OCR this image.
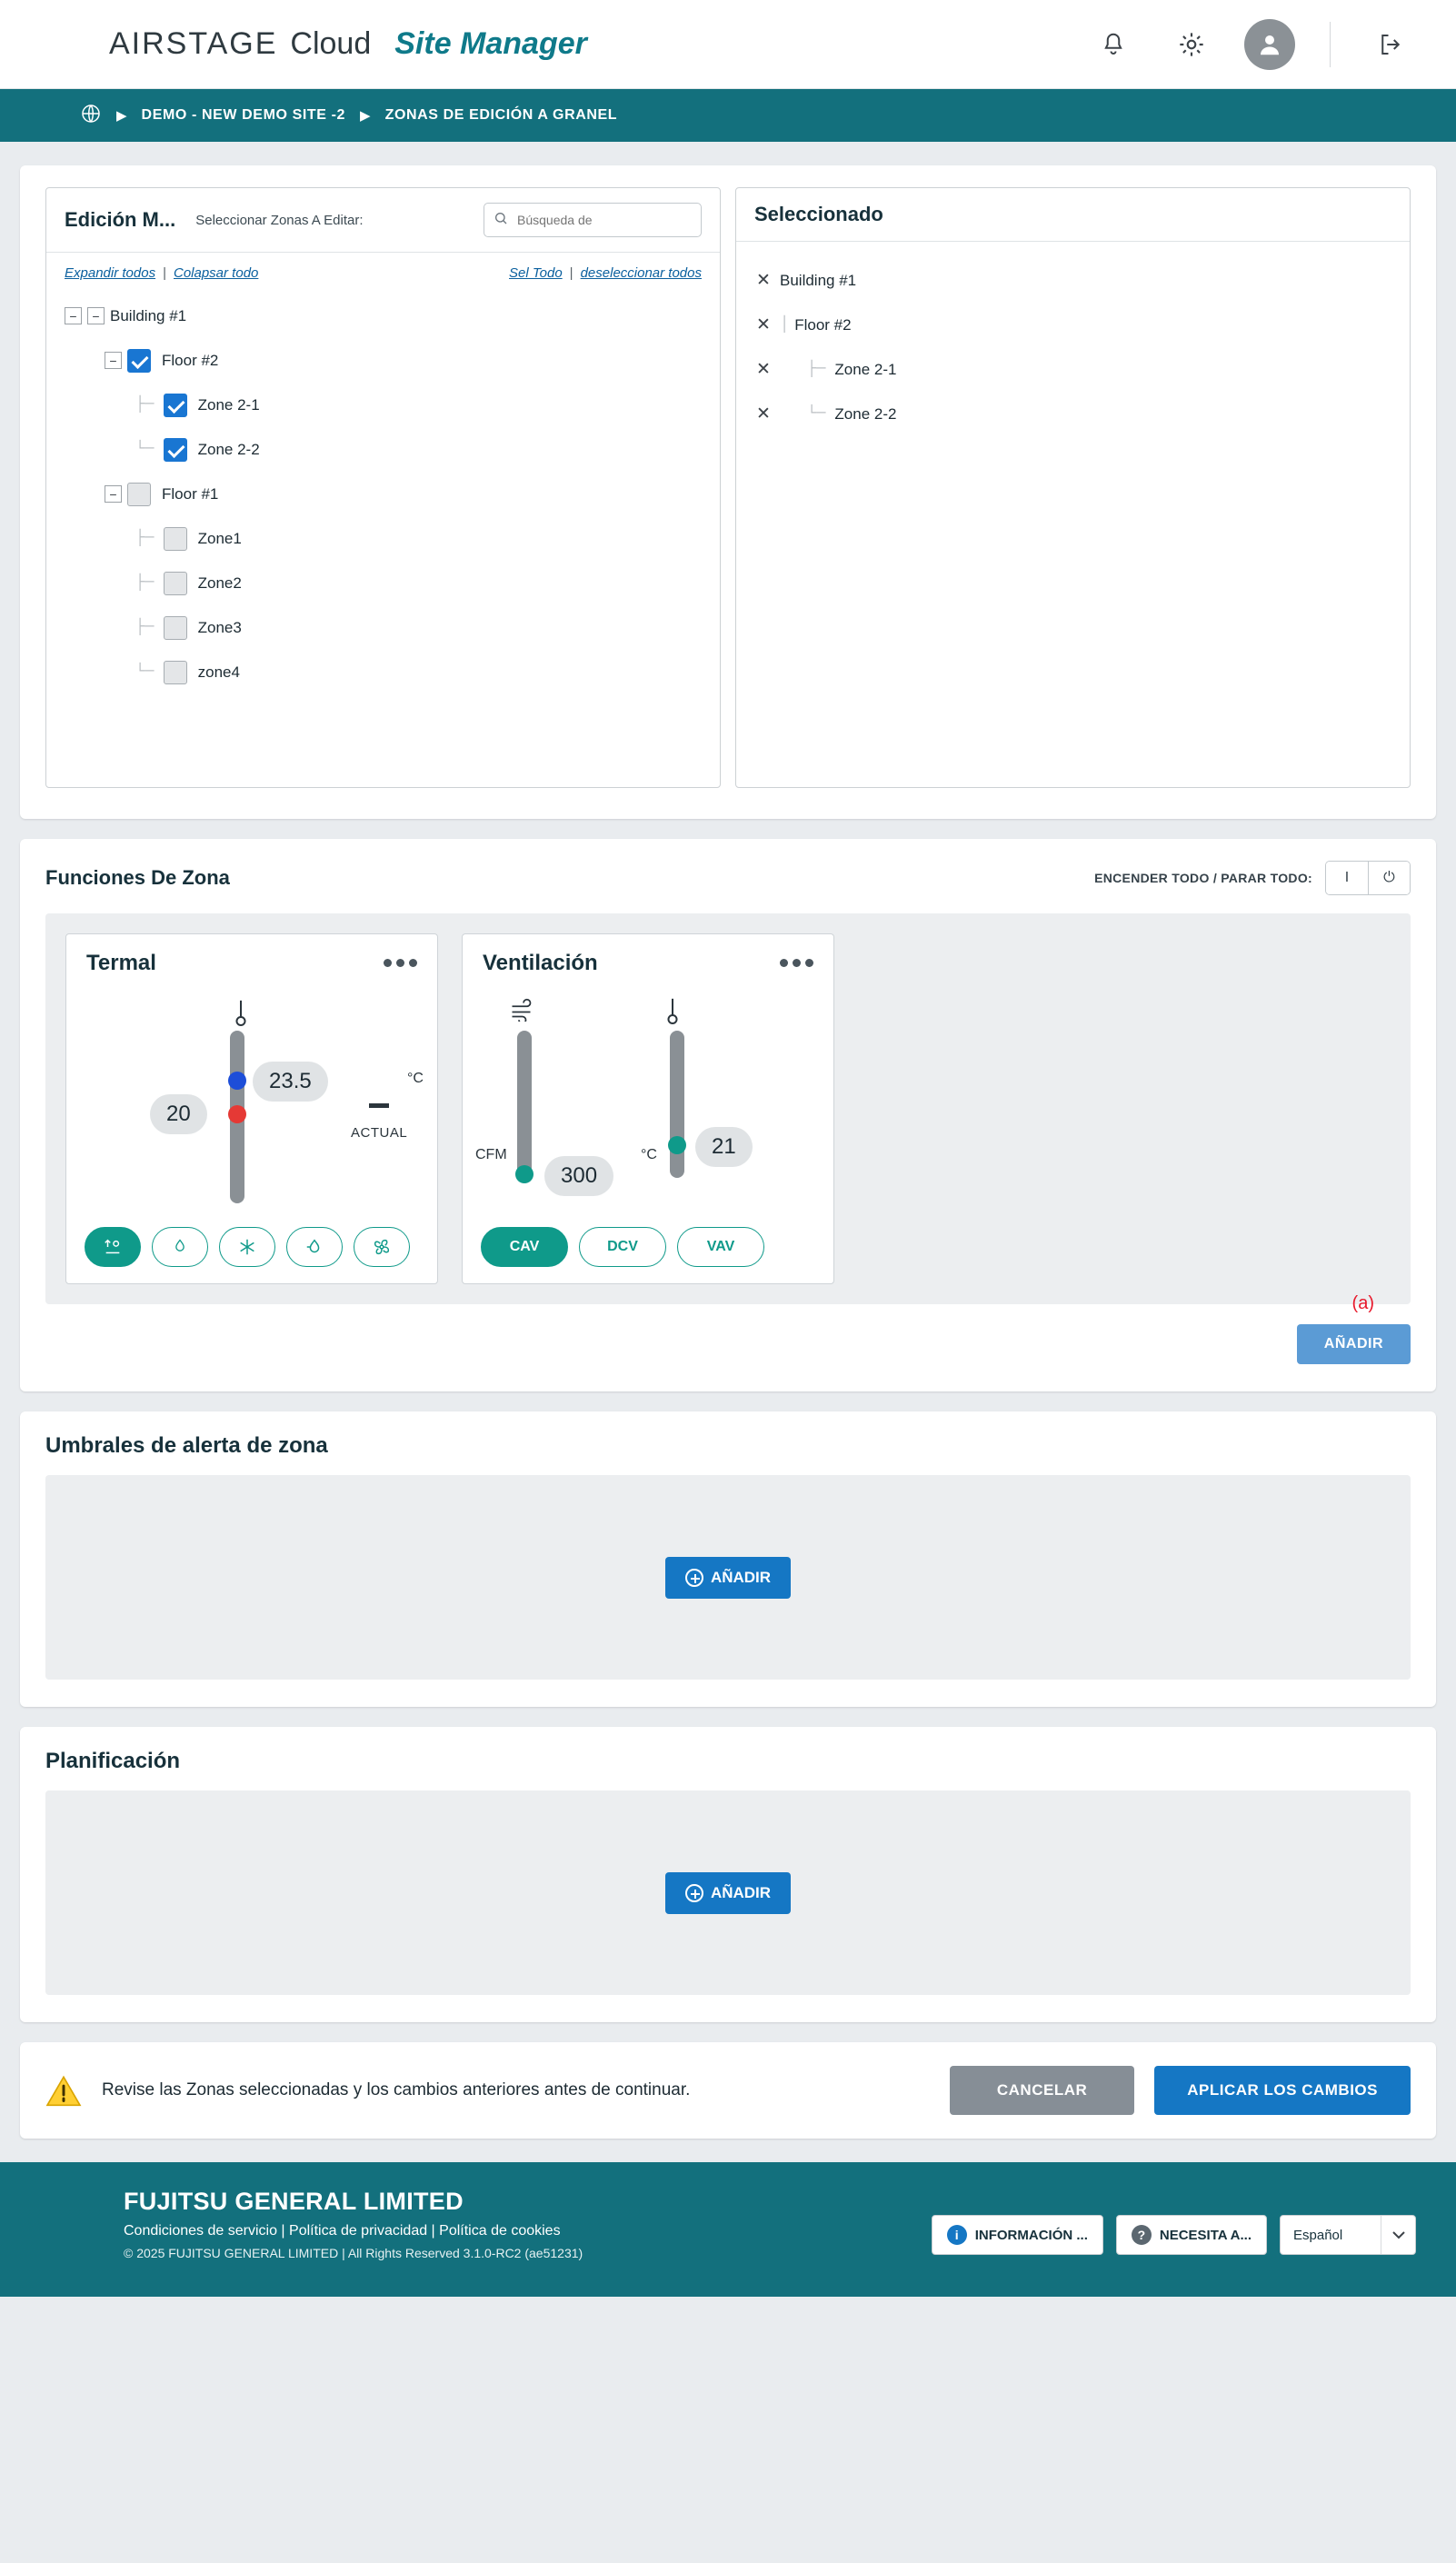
AIRSTAGE Cloud Site Manager
▶ DEMO - NEW DEMO SITE -2 ▶ ZONAS DE EDICIÓN A GRANEL
Edición M... Seleccionar Zonas A Editar:
Búsqueda de
Expandir todos | Colapsar todo	Sel Todo | deseleccionar todos
−	− Building #1
−	Floor #2
├─ Zone 2-1
└─ Zone 2-2
−	Floor #1
├─ Zone1
├─ Zone2
├─ Zone3
└─ zone4
Seleccionado
✕ Building #1
✕ │ Floor #2
✕	├─ Zone 2-1
✕	└─ Zone 2-2
Funciones De Zona	ENCENDER TODO / PARAR TODO:	I	⏻
Termal
23.5
20
°C
ACTUAL
Ventilación
300
CFM	21
°C
CAV	DCV	VAV
(a)
AÑADIR
Umbrales de alerta de zona
AÑADIR
Planificación
AÑADIR
Revise las Zonas seleccionadas y los cambios anteriores antes de continuar.	CANCELAR	APLICAR LOS CAMBIOS
FUJITSU GENERAL LIMITED
Condiciones de servicio | Política de privacidad | Política de cookies
© 2025 FUJITSU GENERAL LIMITED | All Rights Reserved 3.1.0-RC2 (ae51231)
i	INFORMACIÓN ...	?	NECESITA A...	Español
